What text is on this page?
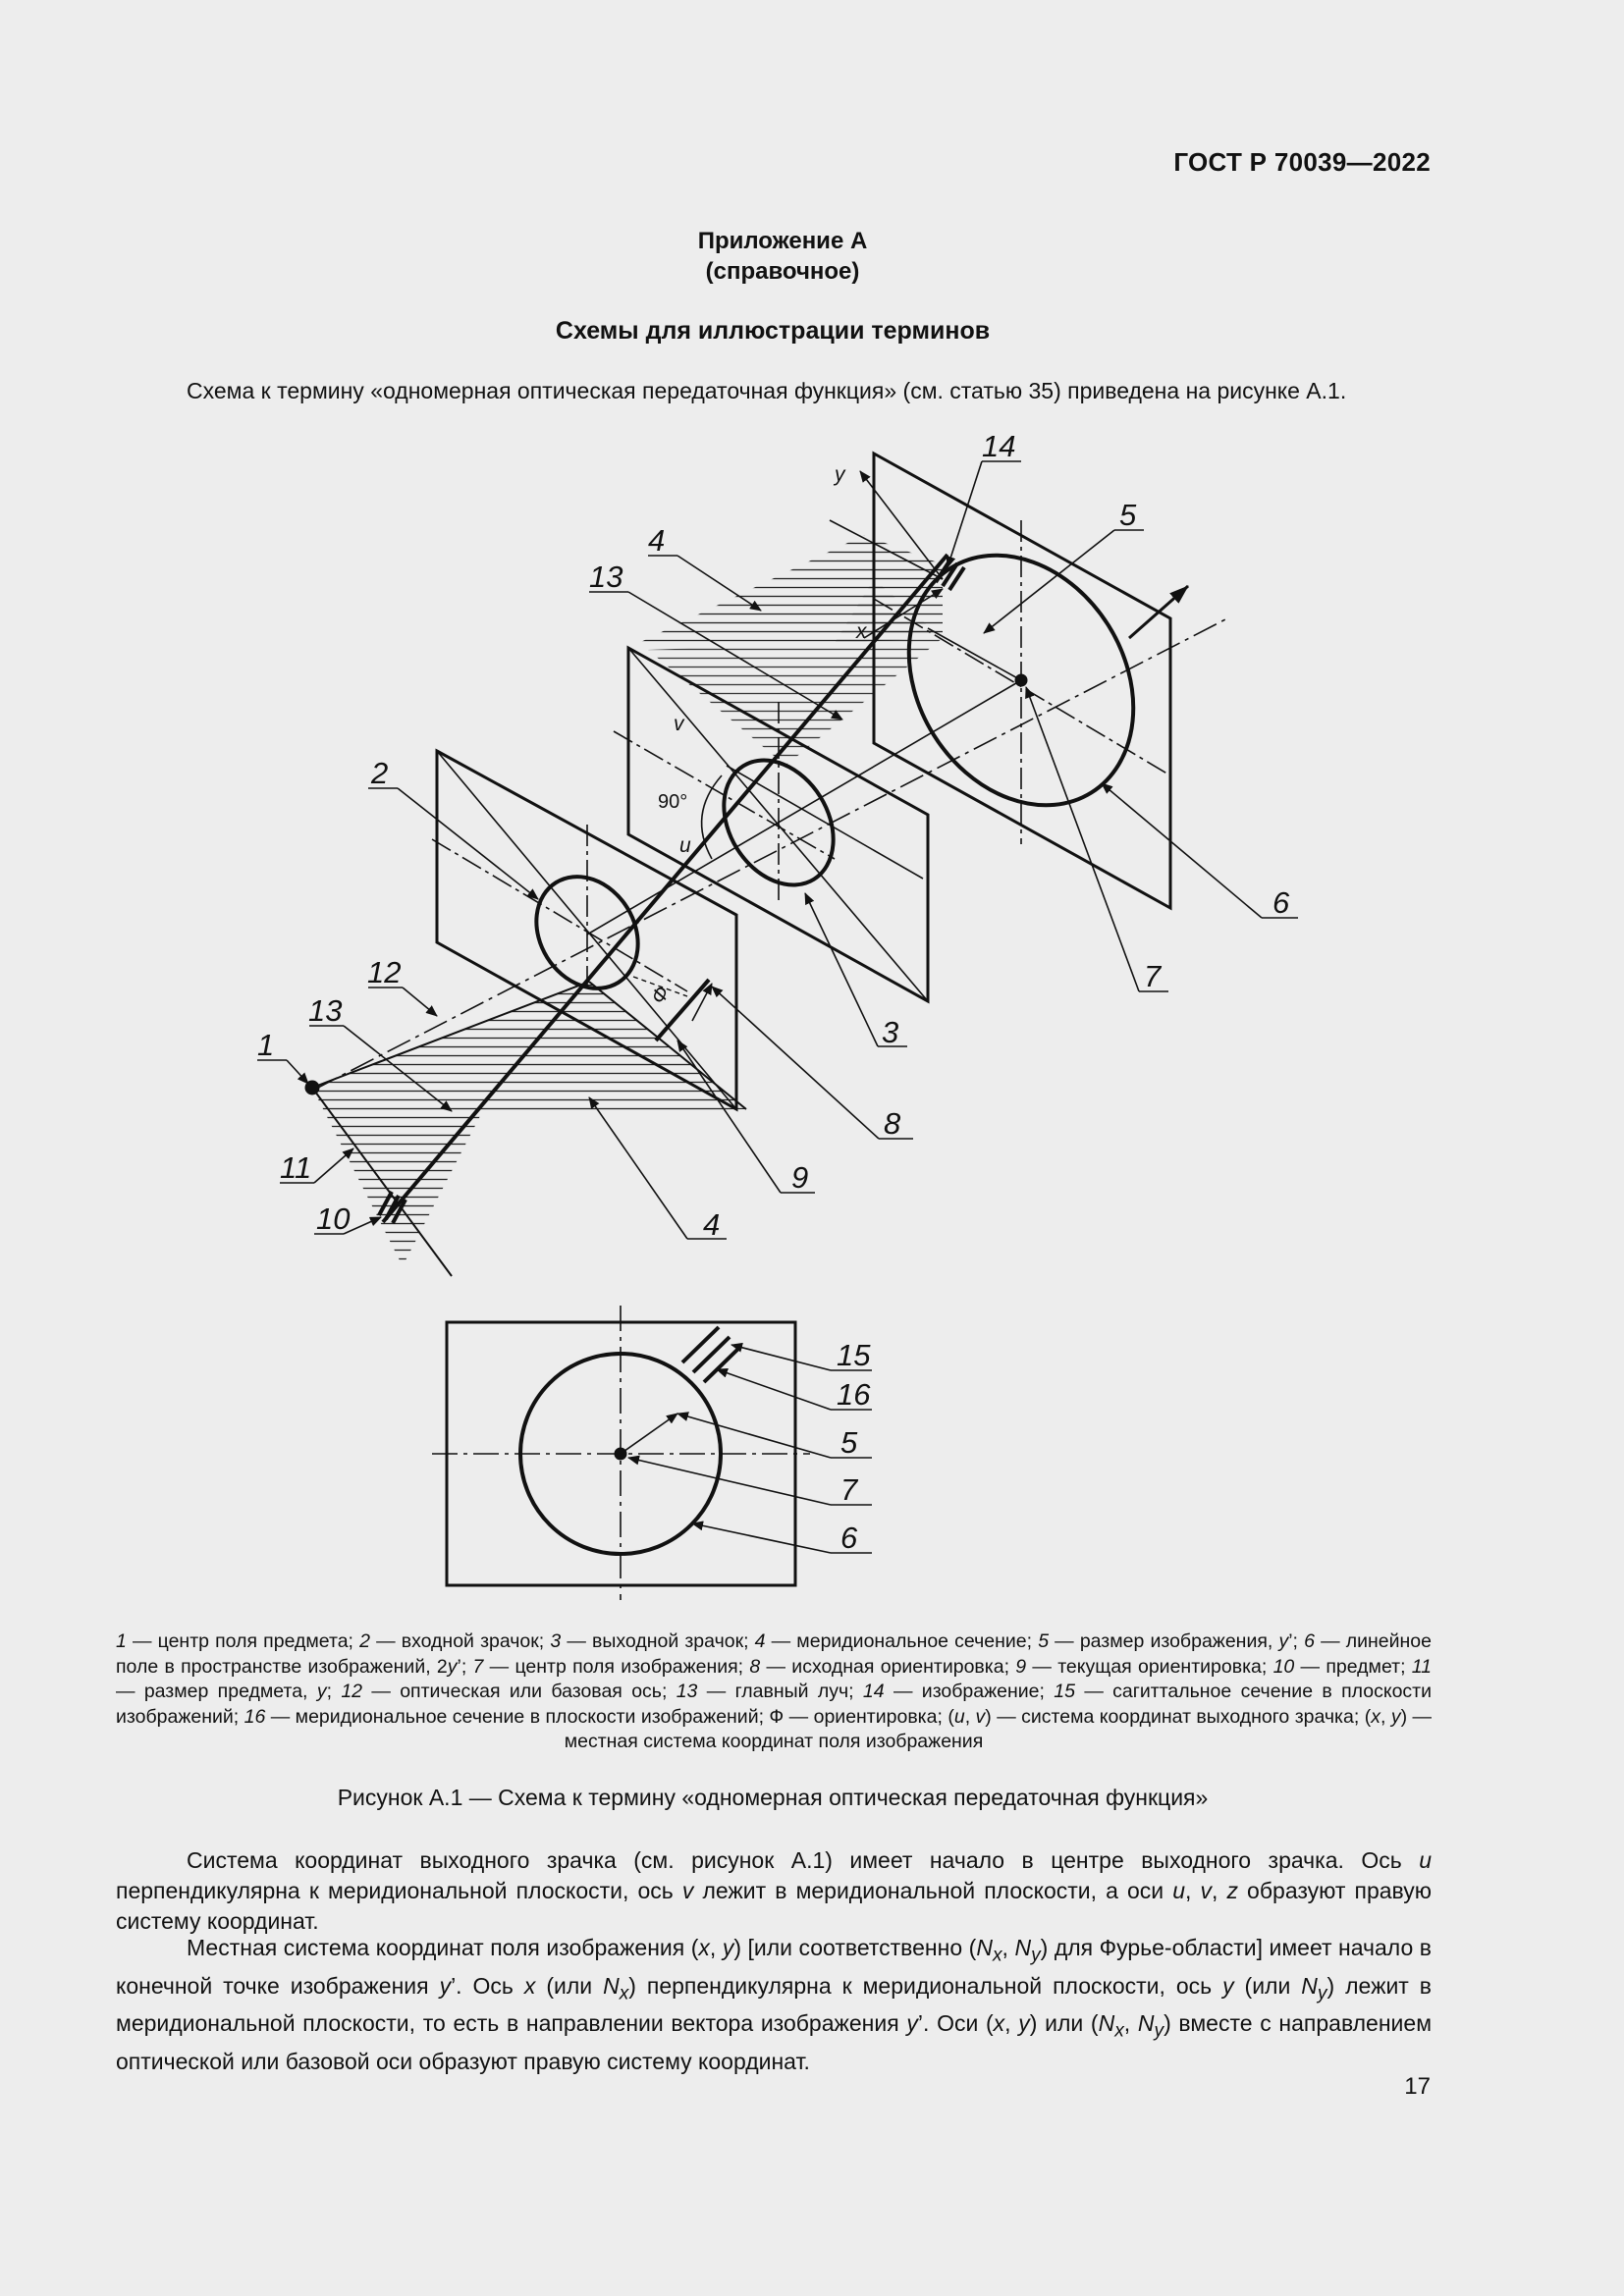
ГОСТ Р 70039—2022
Приложение А
(справочное)
Схемы для иллюстрации терминов
Схема к термину «одномерная оптическая передаточная функция» (см. статью 35) приведена на рисунке А.1.
1
2
3
4
4
5
6
7
8
9
10
11
12
13
13
14
15
16
5
7
6
y
x
v
u
90°
Ф
1 — центр поля предмета; 2 — входной зрачок; 3 — выходной зрачок; 4 — меридиональное сечение; 5 — размер изображения, y’; 6 — линейное поле в пространстве изображений, 2y’; 7 — центр поля изображения; 8 — исходная ориентировка; 9 — текущая ориентировка; 10 — предмет; 11 — размер предмета, y; 12 — оптическая или базовая ось; 13 — главный луч; 14 — изображение; 15 — сагиттальное сечение в плоскости изображений; 16 — меридиональное сечение в плоскости изображений; Ф — ориентировка; (u, v) — система координат выходного зрачка; (x, y) — местная система координат поля изображения
Рисунок А.1 — Схема к термину «одномерная оптическая передаточная функция»
Система координат выходного зрачка (см. рисунок А.1) имеет начало в центре выходного зрачка. Ось u перпендикулярна к меридиональной плоскости, ось v лежит в меридиональной плоскости, а оси u, v, z образуют правую систему координат.
Местная система координат поля изображения (x, y) [или соответственно ($N_x$, $N_y$) для Фурье-области] имеет начало в конечной точке изображения y’. Ось x (или $N_x$) перпендикулярна к меридиональной плоскости, ось y (или $N_y$) лежит в меридиональной плоскости, то есть в направлении вектора изображения y’. Оси (x, y) или ($N_x$, $N_y$) вместе с направлением оптической или базовой оси образуют правую систему координат.
17
